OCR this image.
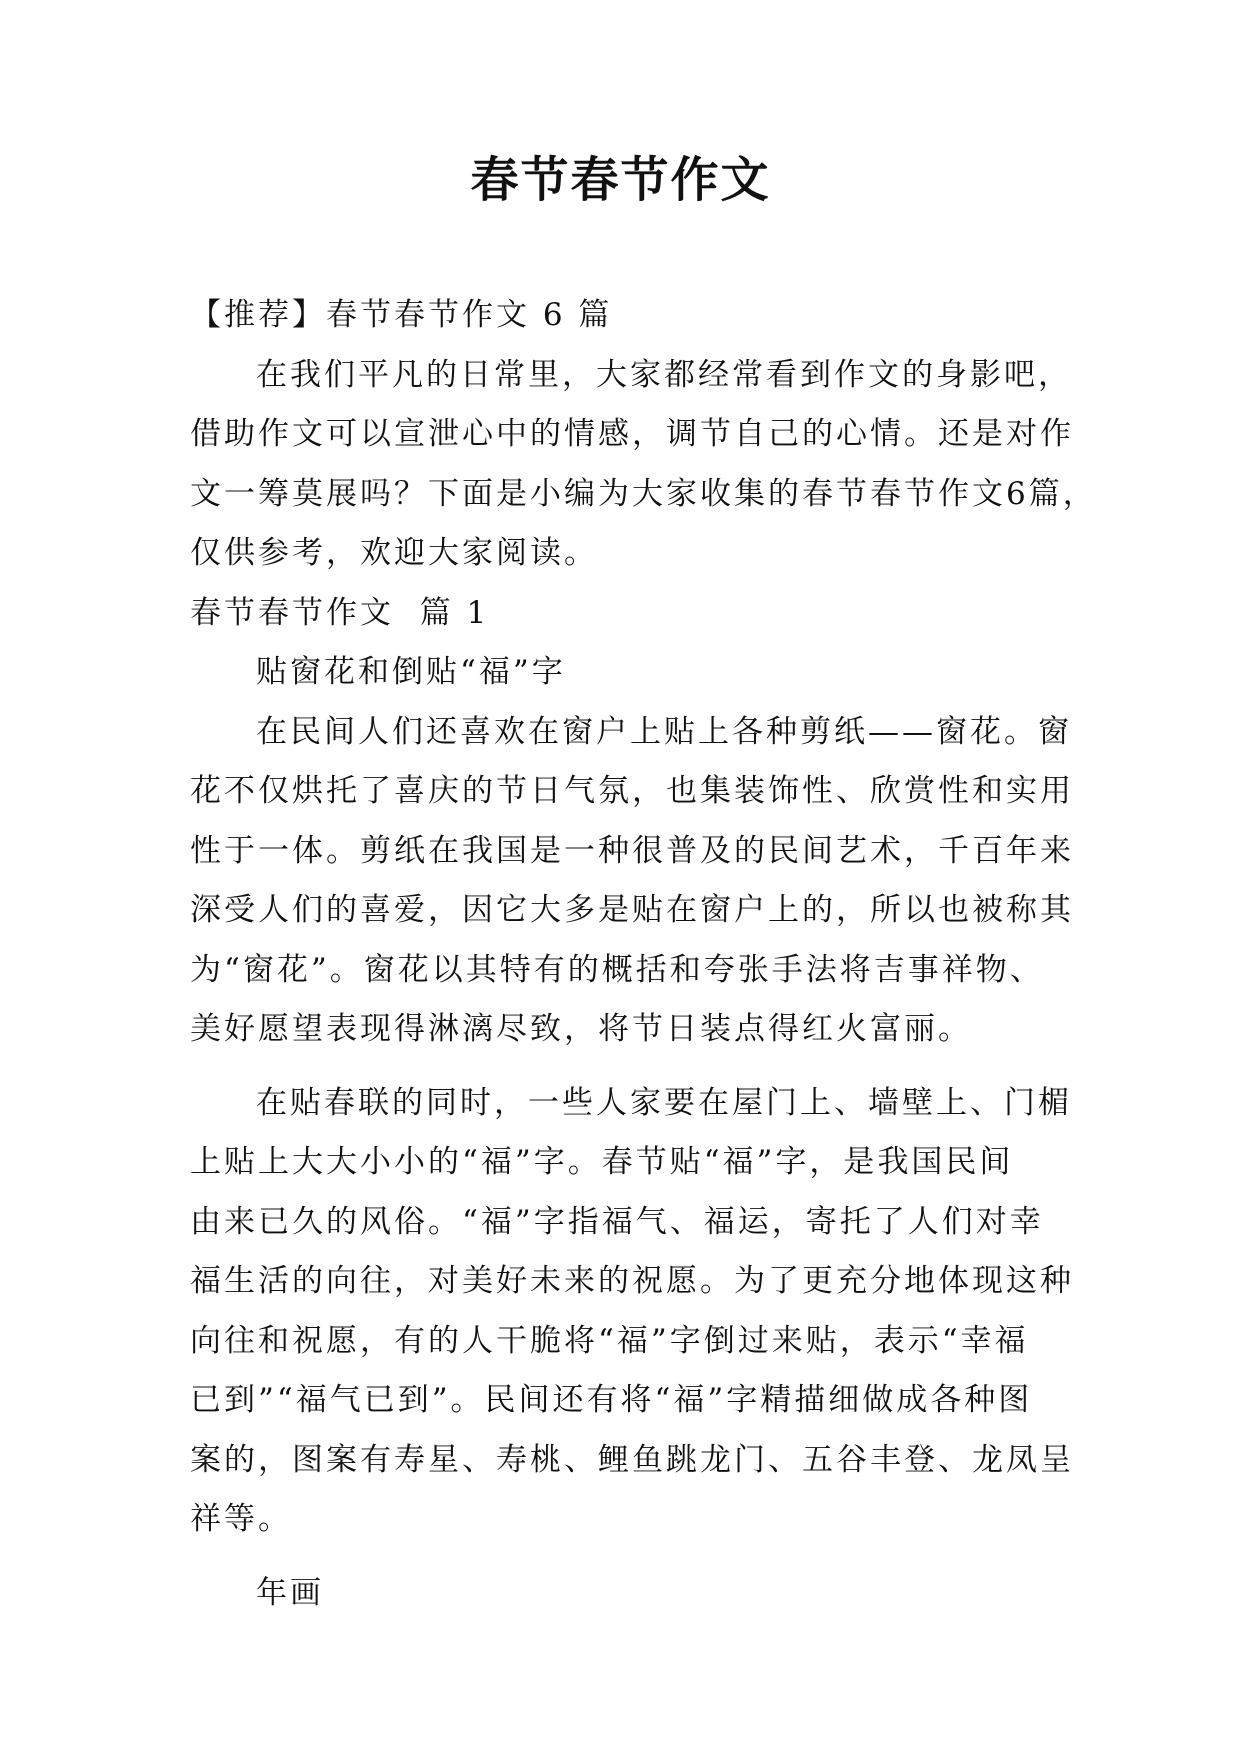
春节春节作文

【推荐】春节春节作文 6 篇

在我们平凡的日常里，大家都经常看到作文的身影吧，

借助作文可以宣泄心中的情感，调节自己的心情。还是对作

文一筹莫展吗？下面是小编为大家收集的春节春节作文6篇，

仅供参考，欢迎大家阅读。

春节春节作文  篇 1

贴窗花和倒贴“福”字

在民间人们还喜欢在窗户上贴上各种剪纸——窗花。窗

花不仅烘托了喜庆的节日气氛，也集装饰性、欣赏性和实用

性于一体。剪纸在我国是一种很普及的民间艺术，千百年来

深受人们的喜爱，因它大多是贴在窗户上的，所以也被称其

为“窗花”。窗花以其特有的概括和夸张手法将吉事祥物、

美好愿望表现得淋漓尽致，将节日装点得红火富丽。

在贴春联的同时，一些人家要在屋门上、墙壁上、门楣

上贴上大大小小的“福”字。春节贴“福”字，是我国民间

由来已久的风俗。“福”字指福气、福运，寄托了人们对幸

福生活的向往，对美好未来的祝愿。为了更充分地体现这种

向往和祝愿，有的人干脆将“福”字倒过来贴，表示“幸福

已到”“福气已到”。民间还有将“福”字精描细做成各种图

案的，图案有寿星、寿桃、鲤鱼跳龙门、五谷丰登、龙凤呈

祥等。

年画
